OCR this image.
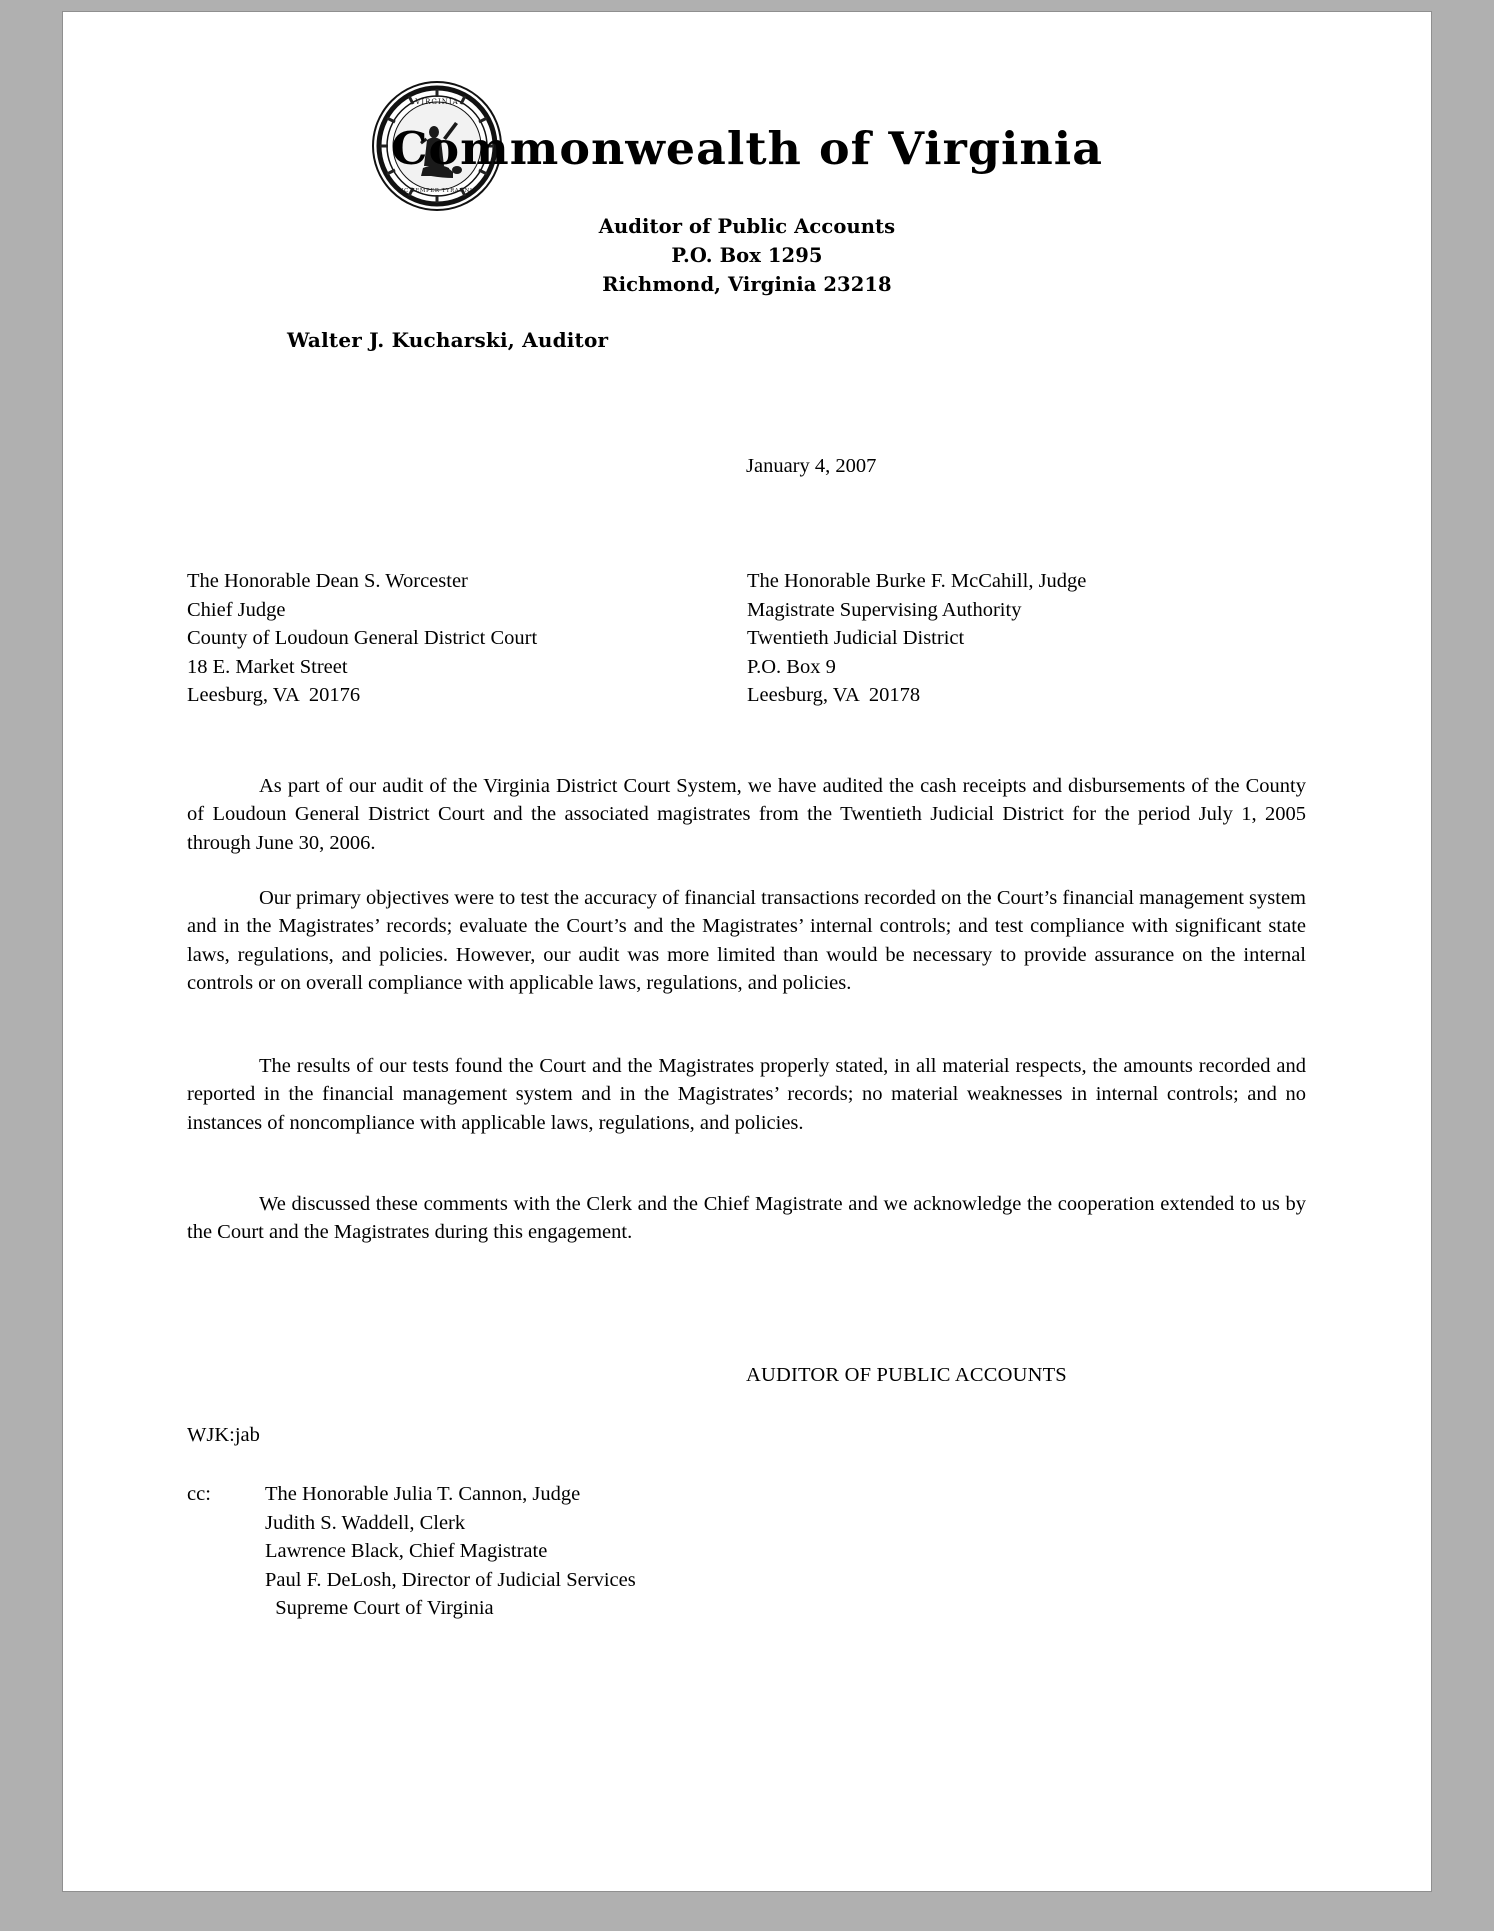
VIRGINIA
SIC SEMPER TYRANNIS
Commonwealth of Virginia
Auditor of Public Accounts
P.O. Box 1295
Richmond, Virginia 23218
Walter J. Kucharski, Auditor
January 4, 2007
The Honorable Dean S. Worcester
Chief Judge
County of Loudoun General District Court
18 E. Market Street
Leesburg, VA  20176
The Honorable Burke F. McCahill, Judge
Magistrate Supervising Authority
Twentieth Judicial District
P.O. Box 9
Leesburg, VA  20178
As part of our audit of the Virginia District Court System, we have audited the cash receipts and disbursements of the County of Loudoun General District Court and the associated magistrates from the Twentieth Judicial District for the period July 1, 2005 through June 30, 2006.
Our primary objectives were to test the accuracy of financial transactions recorded on the Court’s financial management system and in the Magistrates’ records; evaluate the Court’s and the Magistrates’ internal controls; and test compliance with significant state laws, regulations, and policies. However, our audit was more limited than would be necessary to provide assurance on the internal controls or on overall compliance with applicable laws, regulations, and policies.
The results of our tests found the Court and the Magistrates properly stated, in all material respects, the amounts recorded and reported in the financial management system and in the Magistrates’ records; no material weaknesses in internal controls; and no instances of noncompliance with applicable laws, regulations, and policies.
We discussed these comments with the Clerk and the Chief Magistrate and we acknowledge the cooperation extended to us by the Court and the Magistrates during this engagement.
AUDITOR OF PUBLIC ACCOUNTS
WJK:jab
cc:	The Honorable Julia T. Cannon, Judge
Judith S. Waddell, Clerk
Lawrence Black, Chief Magistrate
Paul F. DeLosh, Director of Judicial Services
Supreme Court of Virginia
